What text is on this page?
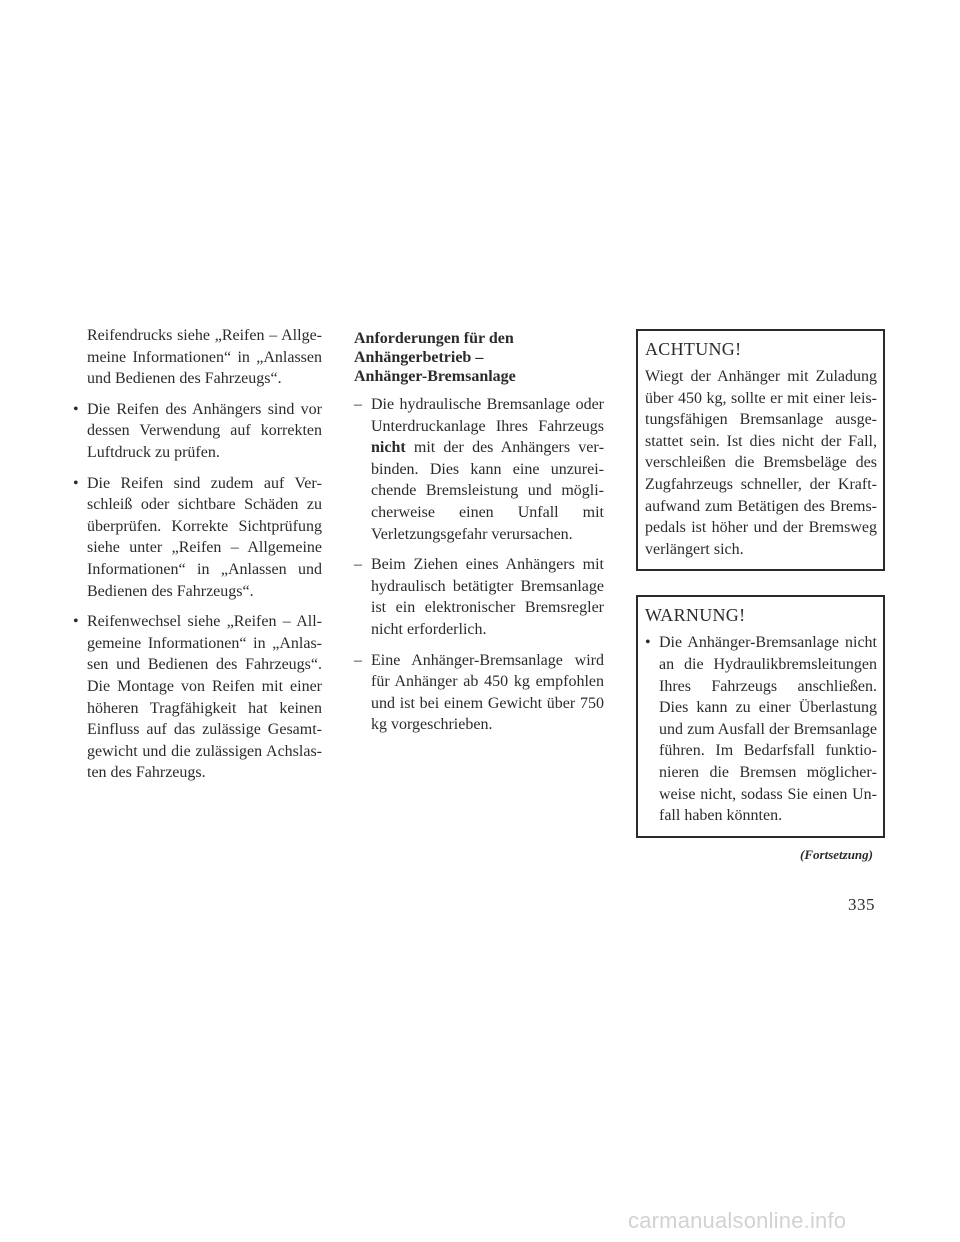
Reifendrucks siehe „Reifen – Allgemeine Informationen“ in „Anlassen und Bedienen des Fahrzeugs“.

• Die Reifen des Anhängers sind vor dessen Verwendung auf korrekten Luftdruck zu prüfen.

• Die Reifen sind zudem auf Verschleiß oder sichtbare Schäden zu überprüfen. Korrekte Sichtprüfung siehe unter „Reifen – Allgemeine Informationen“ in „Anlassen und Bedienen des Fahrzeugs“.

• Reifenwechsel siehe „Reifen – Allgemeine Informationen“ in „Anlassen und Bedienen des Fahrzeugs“. Die Montage von Reifen mit einer höheren Tragfähigkeit hat keinen Einfluss auf das zulässige Gesamtgewicht und die zulässigen Achslasten des Fahrzeugs.

Anforderungen für den
Anhängerbetrieb –
Anhänger-Bremsanlage
– Die hydraulische Bremsanlage oder Unterdruckanlage Ihres Fahrzeugs nicht mit der des Anhängers verbinden. Dies kann eine unzureichende Bremsleistung und möglicherweise einen Unfall mit Verletzungsgefahr verursachen.

– Beim Ziehen eines Anhängers mit hydraulisch betätigter Bremsanlage ist ein elektronischer Bremsregler nicht erforderlich.

– Eine Anhänger-Bremsanlage wird für Anhänger ab 450 kg empfohlen und ist bei einem Gewicht über 750 kg vorgeschrieben.

ACHTUNG!

Wiegt der Anhänger mit Zuladung über 450 kg, sollte er mit einer leistungsfähigen Bremsanlage ausgestattet sein. Ist dies nicht der Fall, verschleißen die Bremsbeläge des Zugfahrzeugs schneller, der Kraftaufwand zum Betätigen des Bremspedals ist höher und der Bremsweg verlängert sich.

WARNUNG!
• Die Anhänger-Bremsanlage nicht an die Hydraulikbremsleitungen Ihres Fahrzeugs anschließen. Dies kann zu einer Überlastung und zum Ausfall der Bremsanlage führen. Im Bedarfsfall funktionieren die Bremsen möglicherweise nicht, sodass Sie einen Unfall haben könnten.

(Fortsetzung)
335
carmanualsonline.info
